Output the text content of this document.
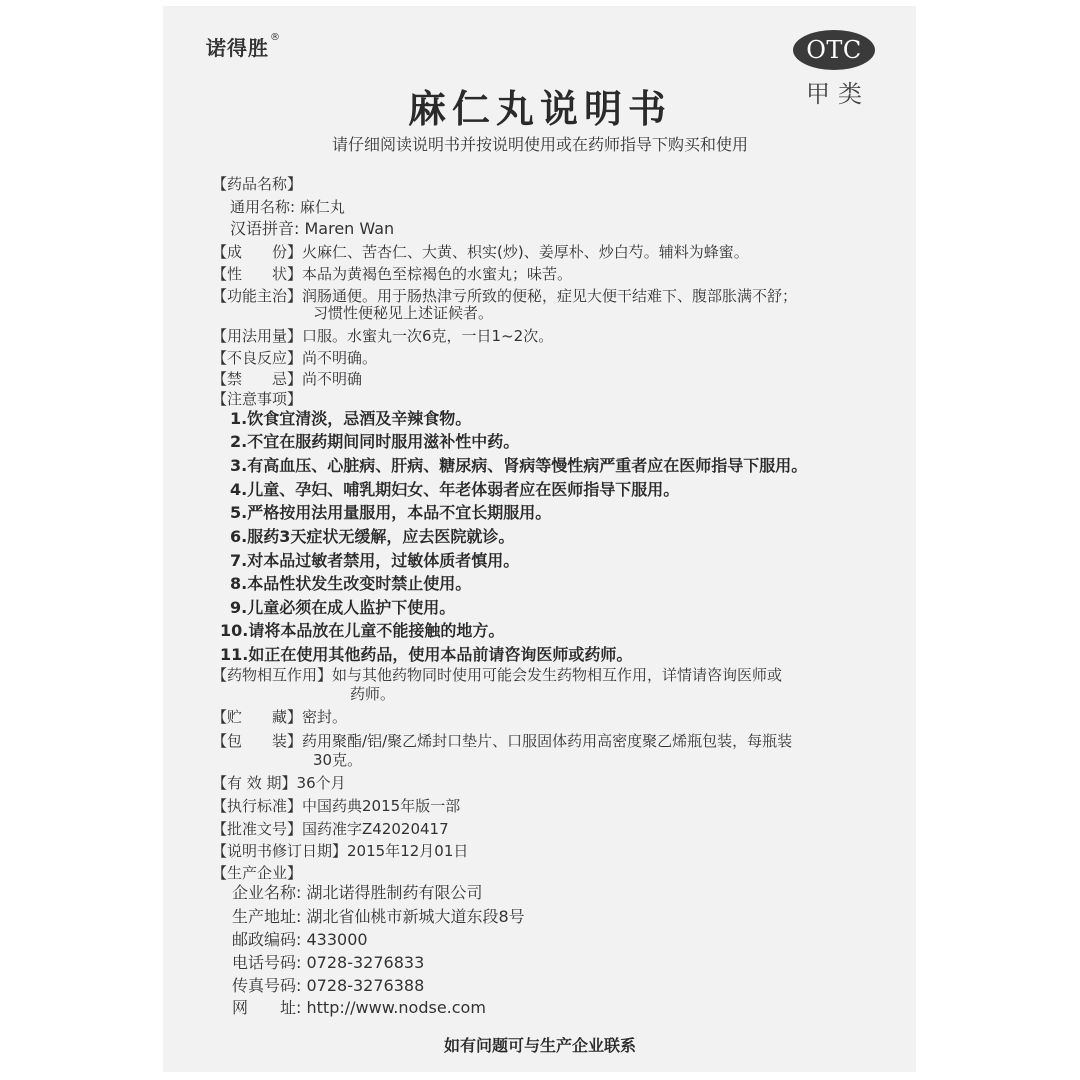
诺得胜®	OTC
甲类
麻仁丸说明书
请仔细阅读说明书并按说明使用或在药师指导下购买和使用
【药品名称】
通用名称: 麻仁丸
汉语拼音: Maren Wan
【成　　份】火麻仁、苦杏仁、大黄、枳实(炒)、姜厚朴、炒白芍。辅料为蜂蜜。
【性　　状】本品为黄褐色至棕褐色的水蜜丸；味苦。
【功能主治】润肠通便。用于肠热津亏所致的便秘，症见大便干结难下、腹部胀满不舒；
习惯性便秘见上述证候者。
【用法用量】口服。水蜜丸一次6克，一日1~2次。
【不良反应】尚不明确。
【禁　　忌】尚不明确
【注意事项】
1.饮食宜清淡，忌酒及辛辣食物。
2.不宜在服药期间同时服用滋补性中药。
3.有高血压、心脏病、肝病、糖尿病、肾病等慢性病严重者应在医师指导下服用。
4.儿童、孕妇、哺乳期妇女、年老体弱者应在医师指导下服用。
5.严格按用法用量服用，本品不宜长期服用。
6.服药3天症状无缓解，应去医院就诊。
7.对本品过敏者禁用，过敏体质者慎用。
8.本品性状发生改变时禁止使用。
9.儿童必须在成人监护下使用。
10.请将本品放在儿童不能接触的地方。
11.如正在使用其他药品，使用本品前请咨询医师或药师。
【药物相互作用】如与其他药物同时使用可能会发生药物相互作用，详情请咨询医师或
药师。
【贮　　藏】密封。
【包　　装】药用聚酯/铝/聚乙烯封口垫片、口服固体药用高密度聚乙烯瓶包装，每瓶装
30克。
【有 效 期】36个月
【执行标准】中国药典2015年版一部
【批准文号】国药准字Z42020417
【说明书修订日期】2015年12月01日
【生产企业】
企业名称: 湖北诺得胜制药有限公司
生产地址: 湖北省仙桃市新城大道东段8号
邮政编码: 433000
电话号码: 0728-3276833
传真号码: 0728-3276388
网　　址: http://www.nodse.com
如有问题可与生产企业联系
